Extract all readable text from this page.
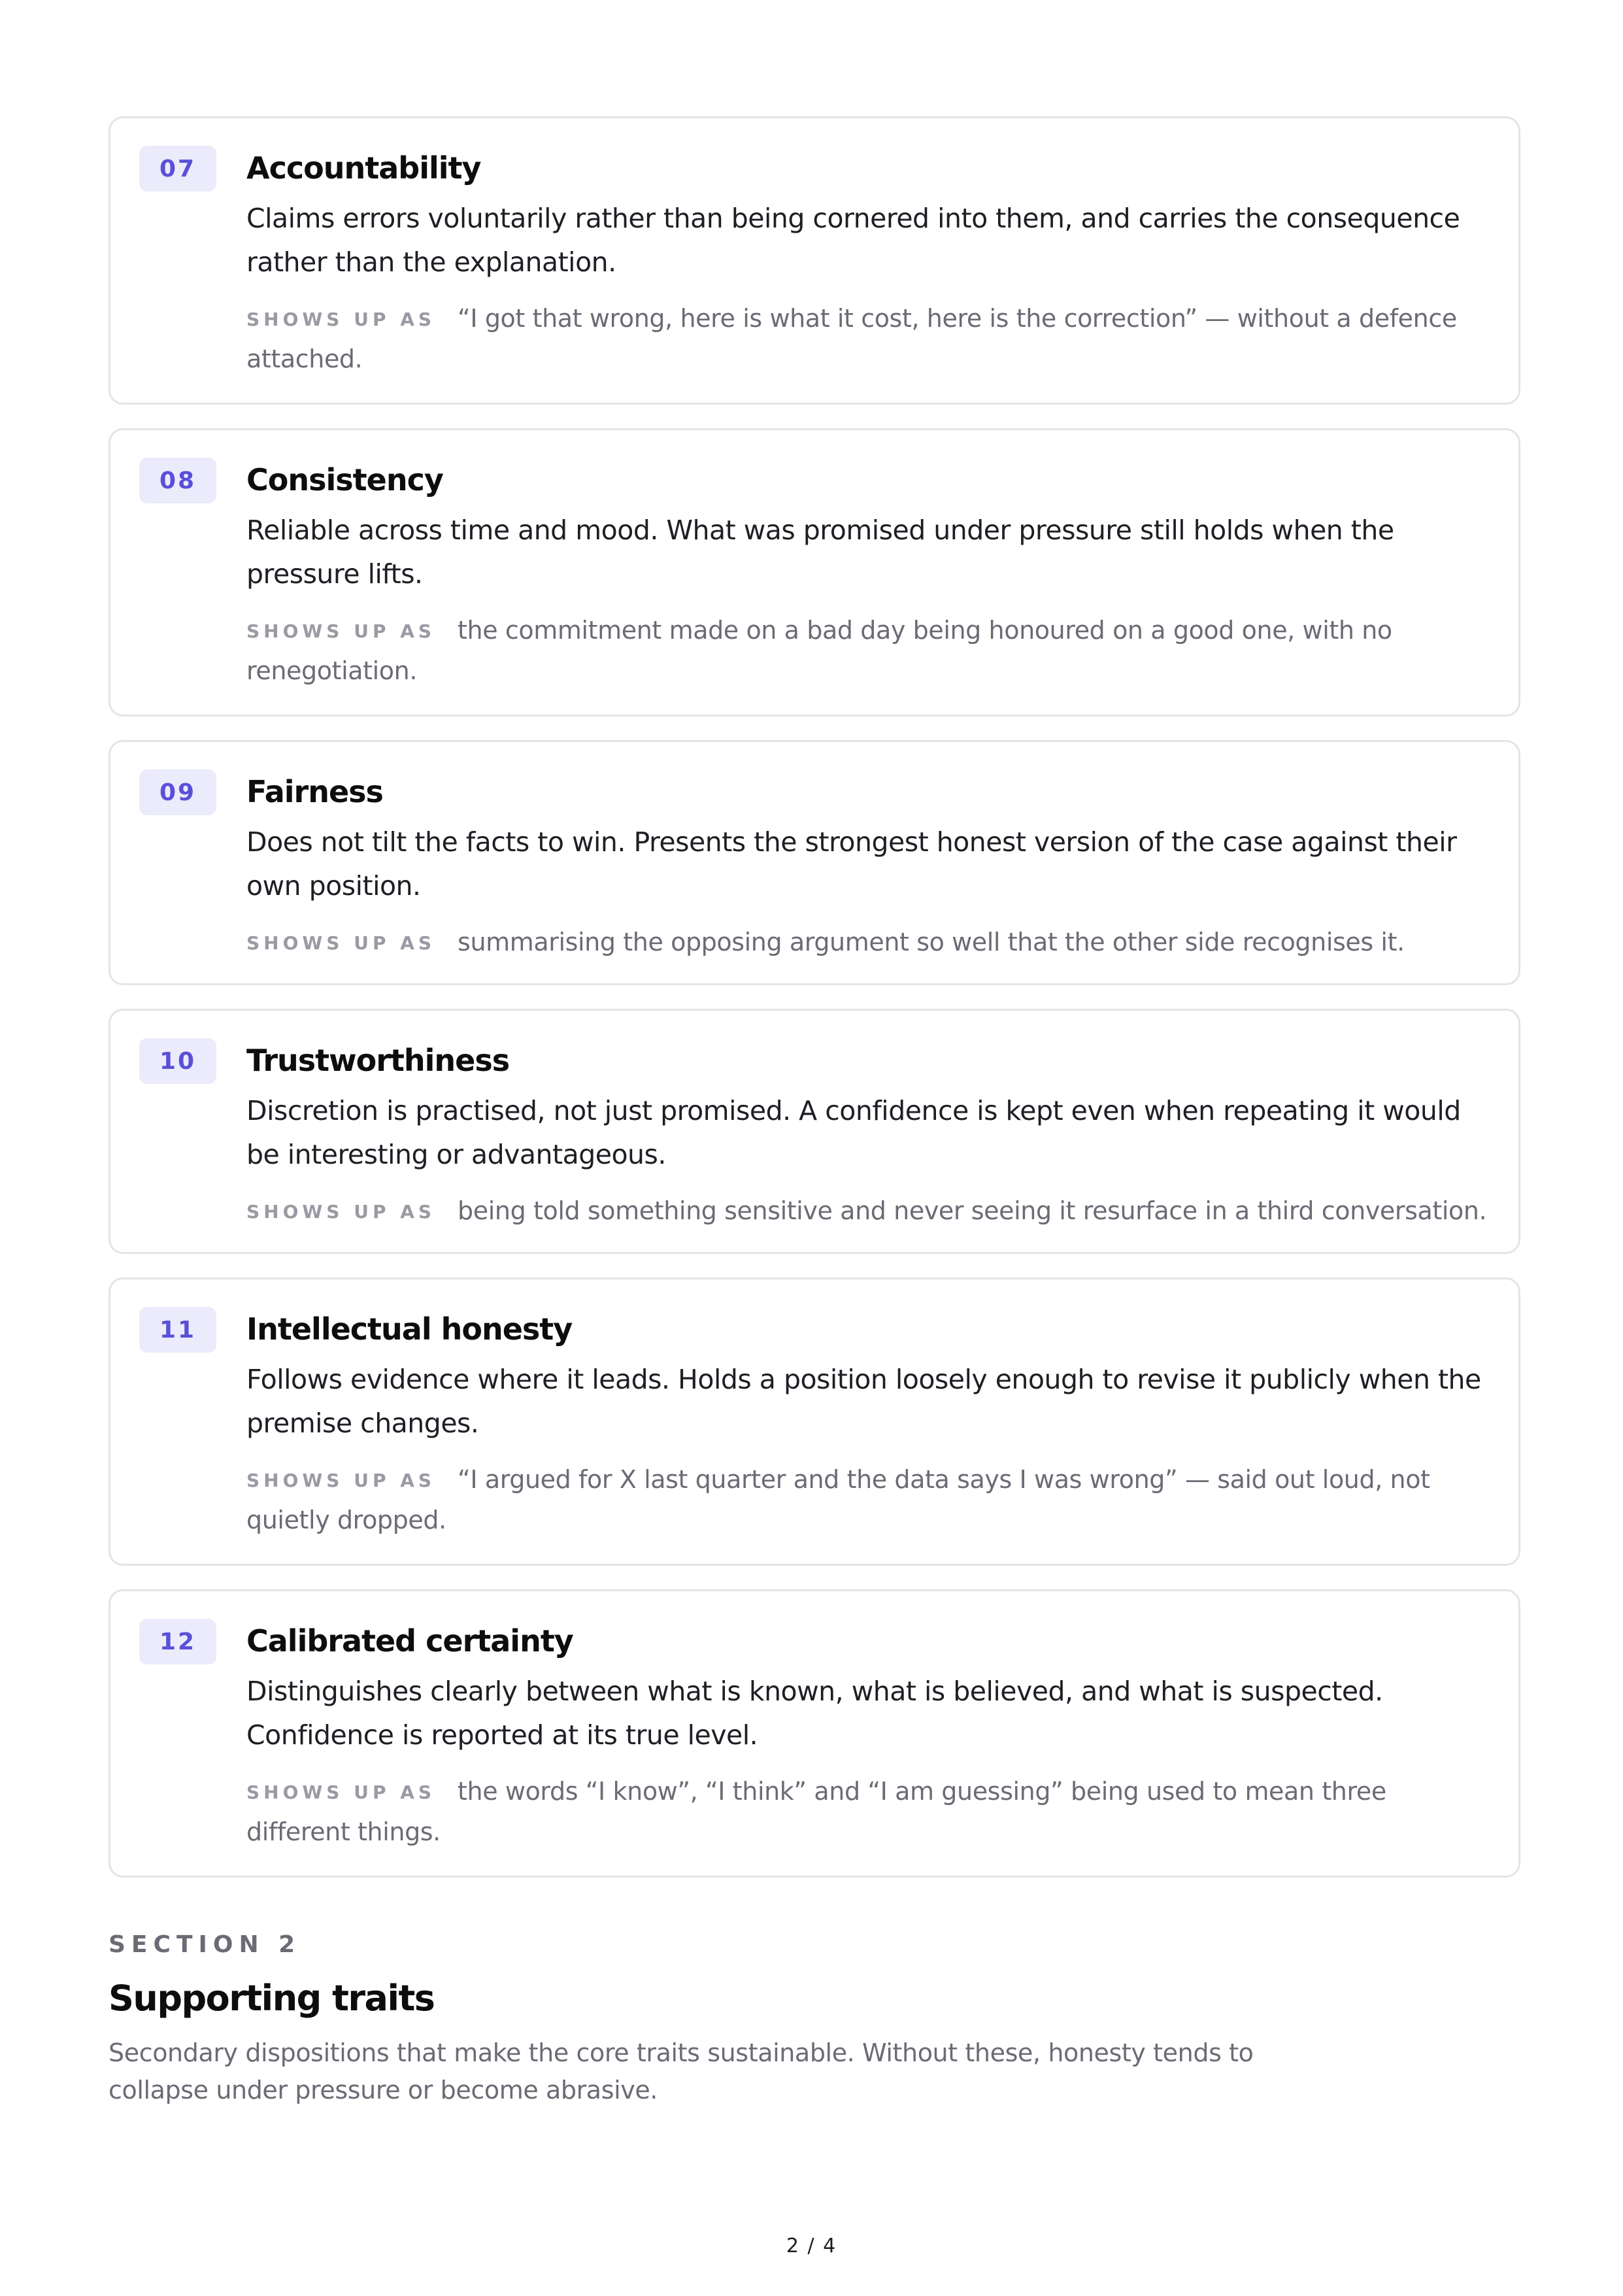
07	Accountability

Claims errors voluntarily rather than being cornered into them, and carries the consequence rather than the explanation.

SHOWS UP AS “I got that wrong, here is what it cost, here is the correction” — without a defence attached.

08	Consistency

Reliable across time and mood. What was promised under pressure still holds when the pressure lifts.

SHOWS UP AS the commitment made on a bad day being honoured on a good one, with no renegotiation.

09	Fairness

Does not tilt the facts to win. Presents the strongest honest version of the case against their own position.

SHOWS UP AS summarising the opposing argument so well that the other side recognises it.

10	Trustworthiness

Discretion is practised, not just promised. A confidence is kept even when repeating it would be interesting or advantageous.

SHOWS UP AS being told something sensitive and never seeing it resurface in a third conversation.

11	Intellectual honesty

Follows evidence where it leads. Holds a position loosely enough to revise it publicly when the premise changes.

SHOWS UP AS “I argued for X last quarter and the data says I was wrong” — said out loud, not quietly dropped.

12	Calibrated certainty

Distinguishes clearly between what is known, what is believed, and what is suspected. Confidence is reported at its true level.

SHOWS UP AS the words “I know”, “I think” and “I am guessing” being used to mean three different things.

SECTION 2

Supporting traits

Secondary dispositions that make the core traits sustainable. Without these, honesty tends to collapse under pressure or become abrasive.

2 / 4
